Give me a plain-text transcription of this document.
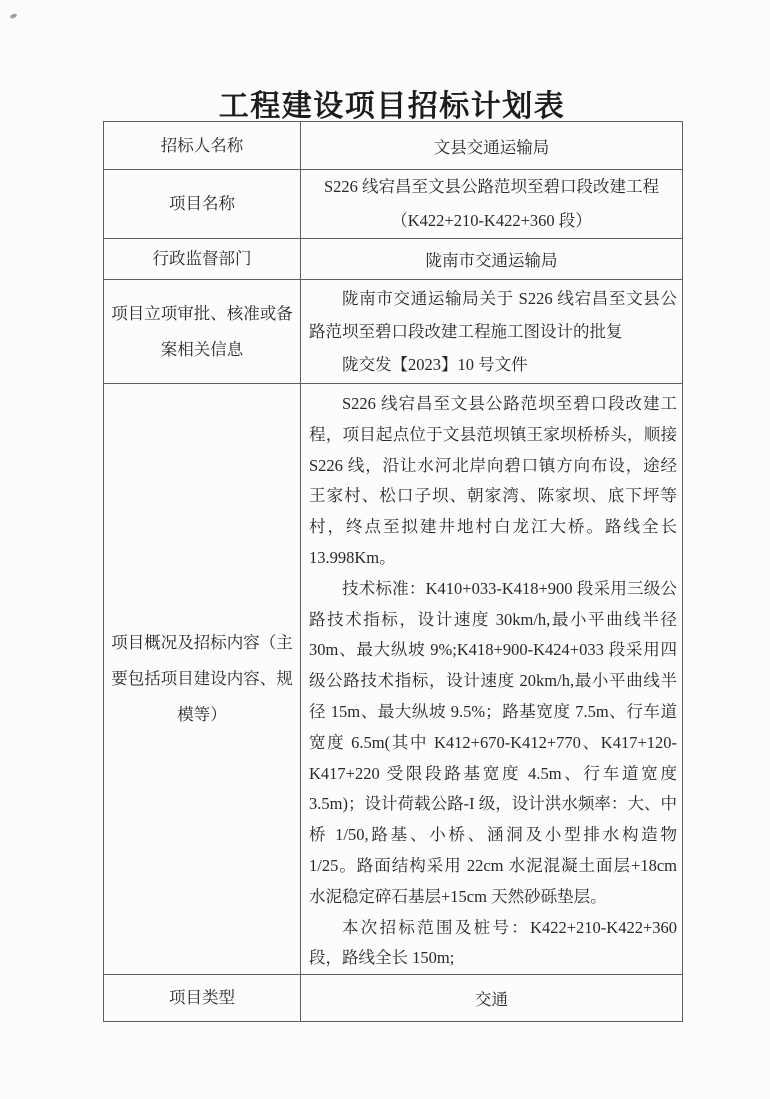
工程建设项目招标计划表
招标人名称	文县交通运输局
项目名称	S226 线宕昌至文县公路范坝至碧口段改建工程
（K422+210-K422+360 段）

行政监督部门	陇南市交通运输局
项目立项审批、核准或备案相关信息	陇南市交通运输局关于 S226 线宕昌至文县公路范坝至碧口段改建工程施工图设计的批复

陇交发【2023】10 号文件

项目概况及招标内容（主要包括项目建设内容、规模等）	S226 线宕昌至文县公路范坝至碧口段改建工程，项目起点位于文县范坝镇王家坝桥桥头，顺接 S226 线，沿让水河北岸向碧口镇方向布设，途经王家村、松口子坝、朝家湾、陈家坝、底下坪等村，终点至拟建井地村白龙江大桥。路线全长 13.998Km。

技术标准：K410+033-K418+900 段采用三级公路技术指标，设计速度 30km/h,最小平曲线半径 30m、最大纵坡 9%;K418+900-K424+033 段采用四级公路技术指标，设计速度 20km/h,最小平曲线半径 15m、最大纵坡 9.5%；路基宽度 7.5m、行车道宽度 6.5m(其中 K412+670-K412+770、K417+120-K417+220 受限段路基宽度 4.5m、行车道宽度 3.5m)；设计荷载公路-I 级，设计洪水频率：大、中桥 1/50,路基、小桥、涵洞及小型排水构造物 1/25。路面结构采用 22cm 水泥混凝土面层+18cm 水泥稳定碎石基层+15cm 天然砂砾垫层。

本次招标范围及桩号：K422+210-K422+360 段，路线全长 150m;

项目类型	交通
